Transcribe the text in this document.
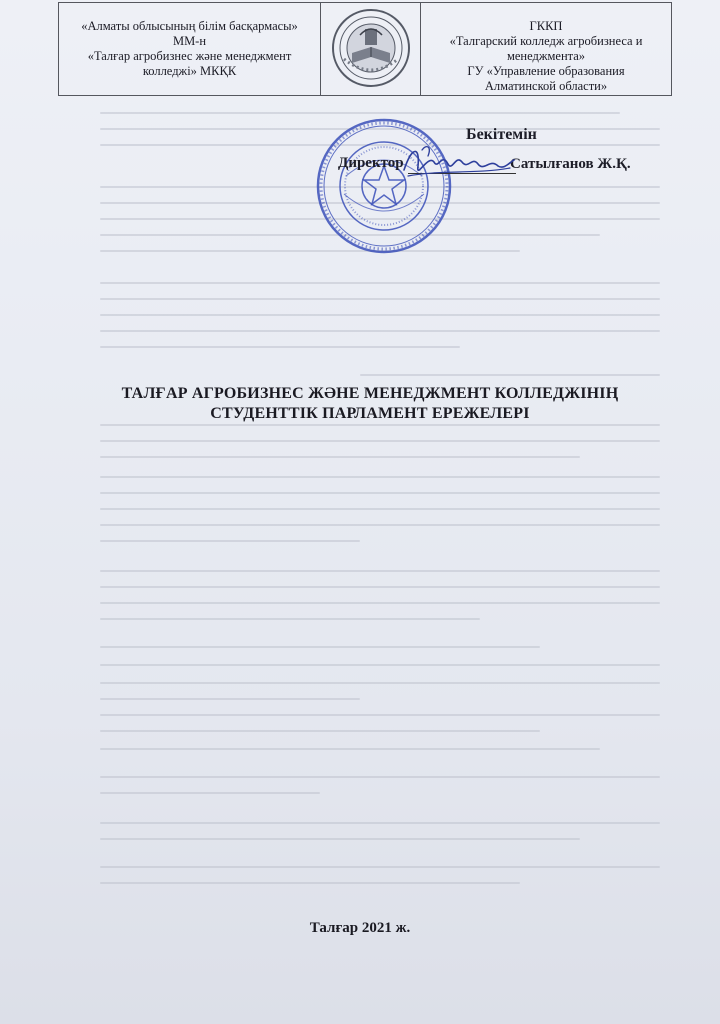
«Алматы облысының білім басқармасы»
ММ-н
«Талғар агробизнес және менеджмент
колледжі» МКҚК
ГККП
«Талгарский колледж агробизнеса и
менеджмента»
ГУ «Управление образования
Алматинской области»
Бекітемін
Директор	Сатылғанов Ж.Қ.
ТАЛҒАР АГРОБИЗНЕС ЖӘНЕ МЕНЕДЖМЕНТ КОЛЛЕДЖІНІҢ
СТУДЕНТТІК ПАРЛАМЕНТ ЕРЕЖЕЛЕРІ
Талғар 2021 ж.
